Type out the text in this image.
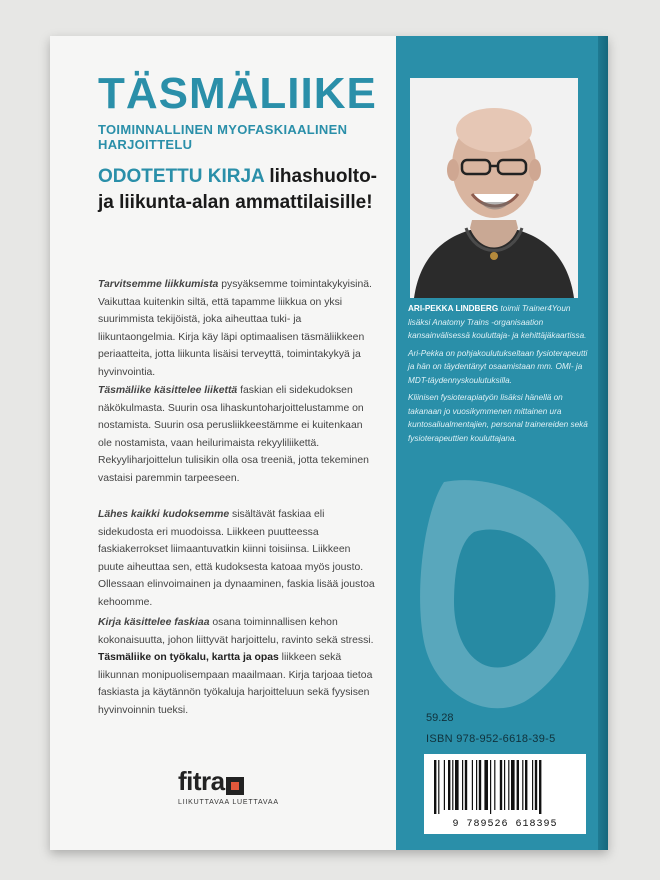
TÄSMÄLIIKE
TOIMINNALLINEN MYOFASKIAALINEN HARJOITTELU
ODOTETTU KIRJA lihashuolto-
ja liikunta-alan ammattilaisille!
Tarvitsemme liikkumista pysyäksemme toimintakykyisinä. Vaikuttaa kuitenkin siltä, että tapamme liikkua on yksi suurimmista tekijöistä, joka aiheuttaa tuki- ja liikuntaongelmia. Kirja käy läpi optimaalisen täsmäliikkeen periaatteita, jotta liikunta lisäisi terveyttä, toimintakykyä ja hyvinvointia.
Täsmäliike käsittelee liikettä faskian eli sidekudoksen näkökulmasta. Suurin osa lihaskuntoharjoittelustamme on nostamista. Suurin osa perusliikkeestämme ei kuitenkaan ole nostamista, vaan heilurimaista rekyyliliikettä. Rekyyliharjoittelun tulisikin olla osa treeniä, jotta tekeminen vastaisi paremmin tarpeeseen.
Lähes kaikki kudoksemme sisältävät faskiaa eli sidekudosta eri muodoissa. Liikkeen puutteessa faskiakerrokset liimaantuvatkin kiinni toisiinsa. Liikkeen puute aiheuttaa sen, että kudoksesta katoaa myös jousto. Ollessaan elinvoimainen ja dynaaminen, faskia lisää joustoa kehoomme.
Kirja käsittelee faskiaa osana toiminnallisen kehon kokonaisuutta, johon liittyvät harjoittelu, ravinto sekä stressi. Täsmäliike on työkalu, kartta ja opas liikkeen sekä liikunnan monipuolisempaan maailmaan. Kirja tarjoaa tietoa faskiasta ja käytännön työkaluja harjoitteluun sekä fyysisen hyvinvoinnin tueksi.
fitra
LIIKUTTAVAA LUETTAVAA

ARI-PEKKA LINDBERG toimii Trainer4Youn lisäksi Anatomy Trains -organisaation kansainvälisessä kouluttaja- ja kehittäjäkaartissa.

Ari-Pekka on pohjakoulutukseltaan fysioterapeutti ja hän on täydentänyt osaamistaan mm. OMI- ja MDT-täydennyskoulutuksilla.

Kliinisen fysioterapiatyön lisäksi hänellä on takanaan jo vuosikymmenen mittainen ura kuntosaliualmentajien, personal trainereiden sekä fysioterapeuttien kouluttajana.

59.28
ISBN 978-952-6618-39-5
9 789526 618395
